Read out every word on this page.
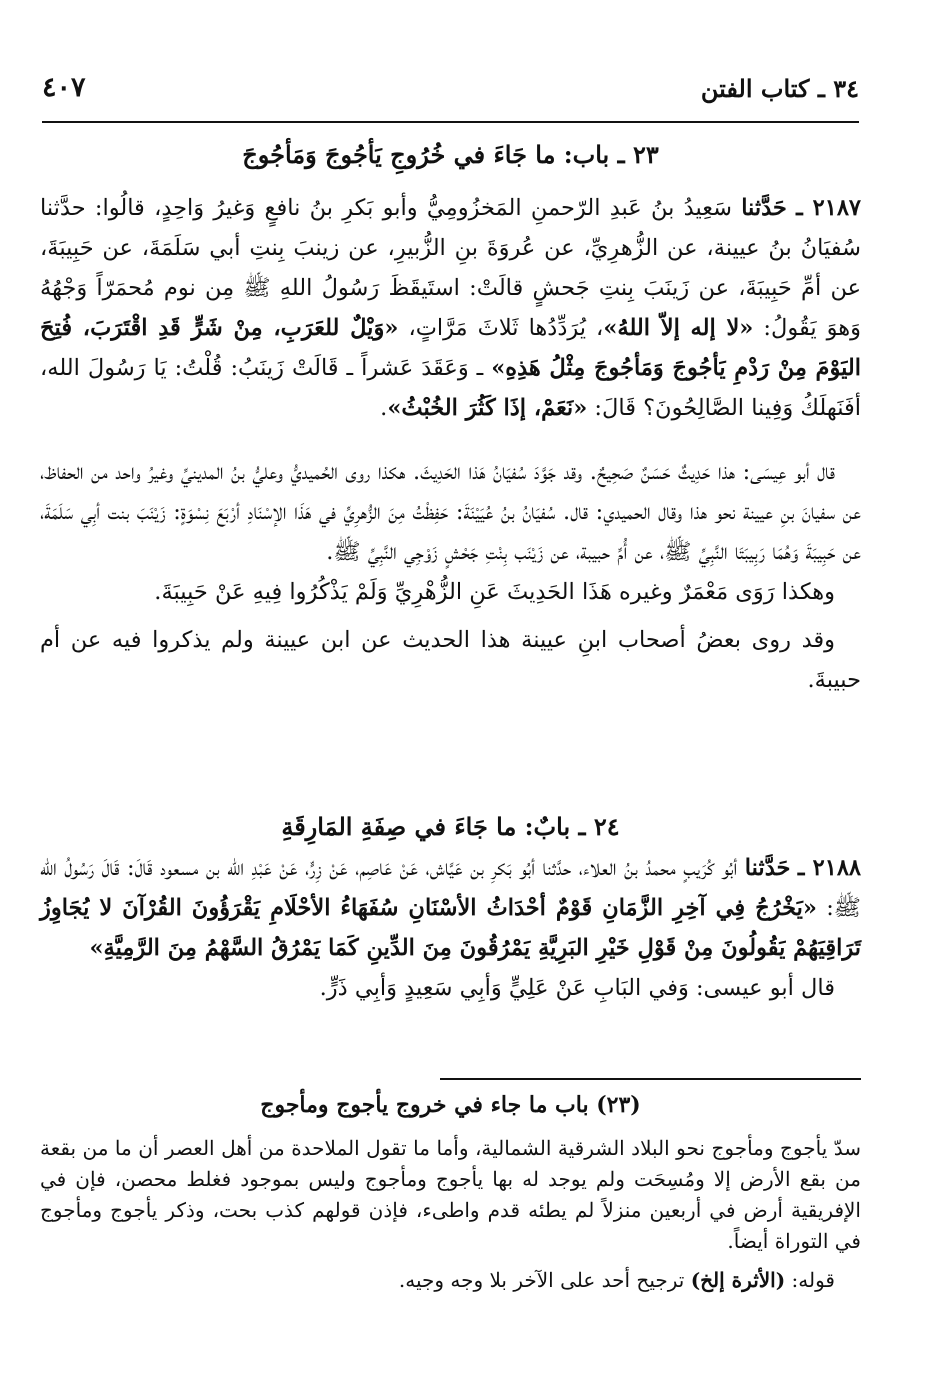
٤٠٧	٣٤ ـ كتاب الفتن
٢٣ ـ باب: ما جَاءَ في خُرُوجِ يَأجُوجَ وَمَأجُوجَ

٢١٨٧ ـ حَدَّثنا سَعِيدُ بنُ عَبدِ الرّحمنِ المَخزُومِيُّ وأبو بَكرِ بنُ نافعٍ وَغيرُ وَاحِدٍ، قالُوا: حدَّثنا سُفيَانُ بنُ عيينة، عن الزُّهرِيِّ، عن عُروَةَ بنِ الزُّبيرِ، عن زينبَ بِنتِ أبي سَلَمَةَ، عن حَبِيبَةَ، عن أمِّ حَبِيبَةَ، عن زَينَبَ بِنتِ جَحشٍ قالَتْ: استَيقَظَ رَسُولُ اللهِ ﷺ مِن نوم مُحمَرّاً وَجْهُهُ وَهوَ يَقُولُ: «لا إله إلاّ اللهُ»، يُرَدِّدُها ثَلاثَ مَرَّاتٍ، «وَيْلٌ للعَرَبِ، مِنْ شَرٍّ قَدِ اقْتَرَبَ، فُتِحَ اليَوْمَ مِنْ رَدْمِ يَأجُوجَ وَمَأجُوجَ مِثْلُ هَذِهِ» ـ وَعَقَدَ عَشراً ـ قَالَتْ زَينَبُ: قُلْتُ: يَا رَسُولَ الله، أفَنَهلَكُ وَفِينا الصَّالِحُونَ؟ قَالَ: «نَعَمْ، إذَا كَثُرَ الخُبْثُ».

قال أبو عِيسَى: هذا حَدِيثٌ حَسَنٌ صَحِيحٌ. وقد جَوَّدَ سُفيَانُ هَذا الحَدِيثَ. هكذا روى الحُميديُّ وعليُّ بنُ المدينيِّ وغيرُ واحد من الحفاظ، عن سفيانَ بنِ عيينة نحو هذا وقال الحميدي: قال. سُفيَانُ بنُ عُيَيْنَةَ: حَفِظْتُ مِنَ الزُّهرِيِّ في هَذَا الإسْنَادِ أرْبَعَ نِسْوَةٍ: زَيْنَبَ بنت أبِي سَلَمَةَ، عن حَبِيبَةَ وَهُمَا رَبِيبَتَا النَّبِيِّ ﷺ، عن أُمِّ حبيبة، عن زَيْنَب بِنْتِ جَحْشٍ زَوْجِي النَّبِيِّ ﷺ.

وهكذا رَوَى مَعْمَرٌ وغيره هَذَا الحَدِيثَ عَنِ الزُّهْرِيِّ وَلَمْ يَذْكُرُوا فِيهِ عَنْ حَبِيبَةَ.

وقد روى بعضُ أصحاب ابنِ عيينة هذا الحديث عن ابن عيينة ولم يذكروا فيه عن أم حبيبةَ.

٢٤ ـ بابٌ: ما جَاءَ في صِفَةِ المَارِقَةِ

٢١٨٨ ـ حَدَّثنا أبُو كُرَيبٍ محمدُ بنُ العلاء، حدَّثنا أبُو بَكرِ بن عَيَّاش، عَنْ عَاصِم، عَنْ زِرٍّ، عَنْ عَبْدِ الله بن مسعود قَالَ: قَالَ رَسُولُ الله ﷺ: «يَخْرُجُ فِي آخِرِ الزَّمَانِ قَوْمٌ أحْدَاثُ الأسْنَانِ سُفَهَاءُ الأحْلَامِ يَقْرَؤُونَ القُرْآنَ لا يُجَاوِزُ تَرَاقِيَهُمْ يَقُولُونَ مِنْ قَوْلِ خَيْرِ البَرِيَّةِ يَمْرُقُونَ مِنَ الدِّينِ كَمَا يَمْرُقُ السَّهْمُ مِنَ الرَّمِيَّةِ»

قال أبو عيسى: وَفي البَابِ عَنْ عَلِيٍّ وَأبِي سَعِيدٍ وَأبِي ذَرٍّ.

(٢٣) باب ما جاء في خروج يأجوج ومأجوج

سدّ يأجوج ومأجوج نحو البلاد الشرقية الشمالية، وأما ما تقول الملاحدة من أهل العصر أن ما من بقعة من بقع الأرض إلا ومُسِحَت ولم يوجد له بها يأجوج ومأجوج وليس بموجود فغلط محصن، فإن في الإفريقية أرض في أربعين منزلاً لم يطئه قدم واطىء، فإذن قولهم كذب بحت، وذكر يأجوج ومأجوج في التوراة أيضاً.

قوله: (الأثرة إلخ) ترجيح أحد على الآخر بلا وجه وجيه.
